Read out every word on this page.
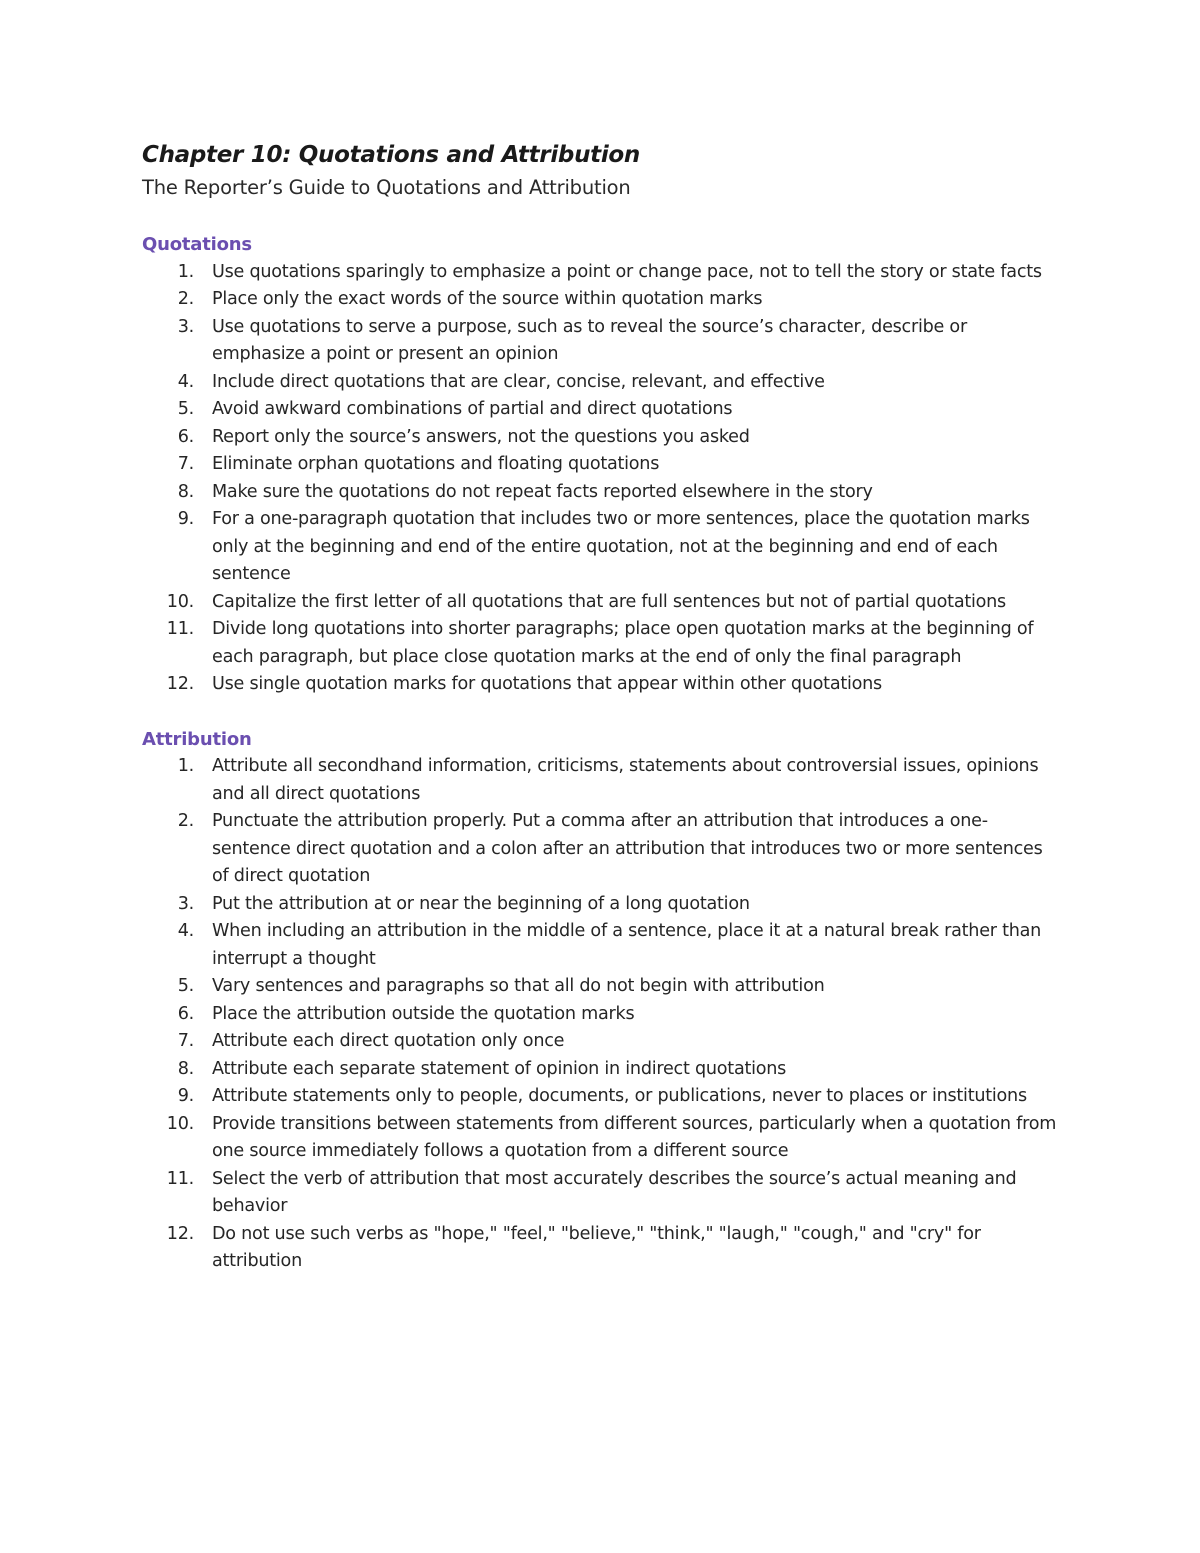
Chapter 10: Quotations and Attribution

The Reporter’s Guide to Quotations and Attribution

Quotations
1. Use quotations sparingly to emphasize a point or change pace, not to tell the story or state facts
2. Place only the exact words of the source within quotation marks
3. Use quotations to serve a purpose, such as to reveal the source’s character, describe or emphasize a point or present an opinion
4. Include direct quotations that are clear, concise, relevant, and effective
5. Avoid awkward combinations of partial and direct quotations
6. Report only the source’s answers, not the questions you asked
7. Eliminate orphan quotations and floating quotations
8. Make sure the quotations do not repeat facts reported elsewhere in the story
9. For a one-paragraph quotation that includes two or more sentences, place the quotation marks only at the beginning and end of the entire quotation, not at the beginning and end of each sentence
10. Capitalize the first letter of all quotations that are full sentences but not of partial quotations
11. Divide long quotations into shorter paragraphs; place open quotation marks at the beginning of each paragraph, but place close quotation marks at the end of only the final paragraph
12. Use single quotation marks for quotations that appear within other quotations
Attribution
1. Attribute all secondhand information, criticisms, statements about controversial issues, opinions and all direct quotations
2. Punctuate the attribution properly. Put a comma after an attribution that introduces a one-sentence direct quotation and a colon after an attribution that introduces two or more sentences of direct quotation
3. Put the attribution at or near the beginning of a long quotation
4. When including an attribution in the middle of a sentence, place it at a natural break rather than interrupt a thought
5. Vary sentences and paragraphs so that all do not begin with attribution
6. Place the attribution outside the quotation marks
7. Attribute each direct quotation only once
8. Attribute each separate statement of opinion in indirect quotations
9. Attribute statements only to people, documents, or publications, never to places or institutions
10. Provide transitions between statements from different sources, particularly when a quotation from one source immediately follows a quotation from a different source
11. Select the verb of attribution that most accurately describes the source’s actual meaning and behavior
12. Do not use such verbs as "hope," "feel," "believe," "think," "laugh," "cough," and "cry" for attribution
